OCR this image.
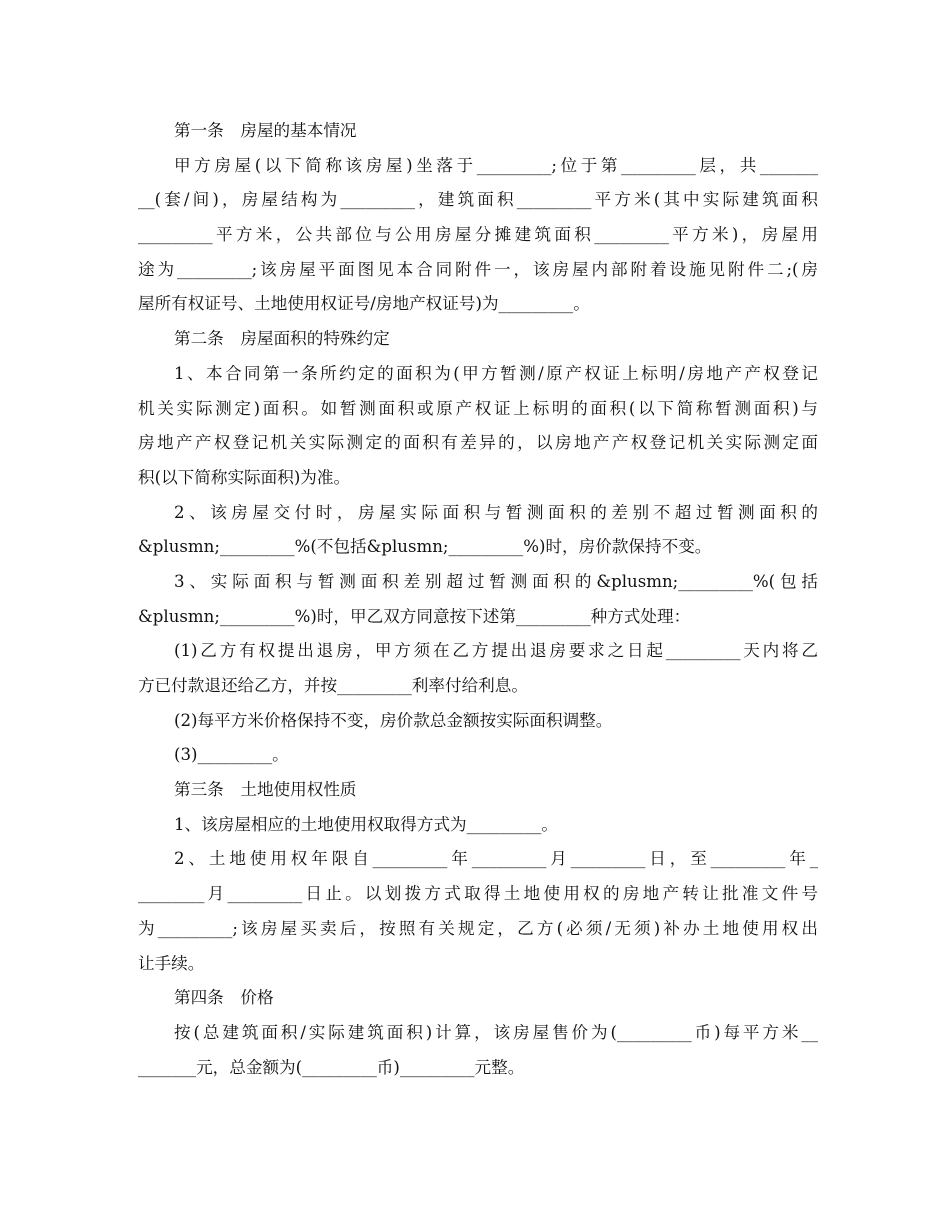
第一条　房屋的基本情况
甲方房屋(以下简称该房屋)坐落于_________;位于第_________层，共_______
__(套/间)，房屋结构为_________，建筑面积_________平方米(其中实际建筑面积
_________平方米，公共部位与公用房屋分摊建筑面积_________平方米)，房屋用
途为_________;该房屋平面图见本合同附件一，该房屋内部附着设施见附件二;(房
屋所有权证号、土地使用权证号/房地产权证号)为_________。
第二条　房屋面积的特殊约定
1、本合同第一条所约定的面积为(甲方暂测/原产权证上标明/房地产产权登记
机关实际测定)面积。如暂测面积或原产权证上标明的面积(以下简称暂测面积)与
房地产产权登记机关实际测定的面积有差异的，以房地产产权登记机关实际测定面
积(以下简称实际面积)为准。
2、该房屋交付时，房屋实际面积与暂测面积的差别不超过暂测面积的
&plusmn;_________%(不包括&plusmn;_________%)时，房价款保持不变。
3、实际面积与暂测面积差别超过暂测面积的&plusmn;_________%(包括
&plusmn;_________%)时，甲乙双方同意按下述第_________种方式处理：
(1)乙方有权提出退房，甲方须在乙方提出退房要求之日起_________天内将乙
方已付款退还给乙方，并按_________利率付给利息。
(2)每平方米价格保持不变，房价款总金额按实际面积调整。
(3)_________。
第三条　土地使用权性质
1、该房屋相应的土地使用权取得方式为_________。
2、土地使用权年限自_________年_________月_________日，至_________年_
________月_________日止。以划拨方式取得土地使用权的房地产转让批准文件号
为_________;该房屋买卖后，按照有关规定，乙方(必须/无须)补办土地使用权出
让手续。
第四条　价格
按(总建筑面积/实际建筑面积)计算，该房屋售价为(_________币)每平方米__
_______元，总金额为(_________币)_________元整。
